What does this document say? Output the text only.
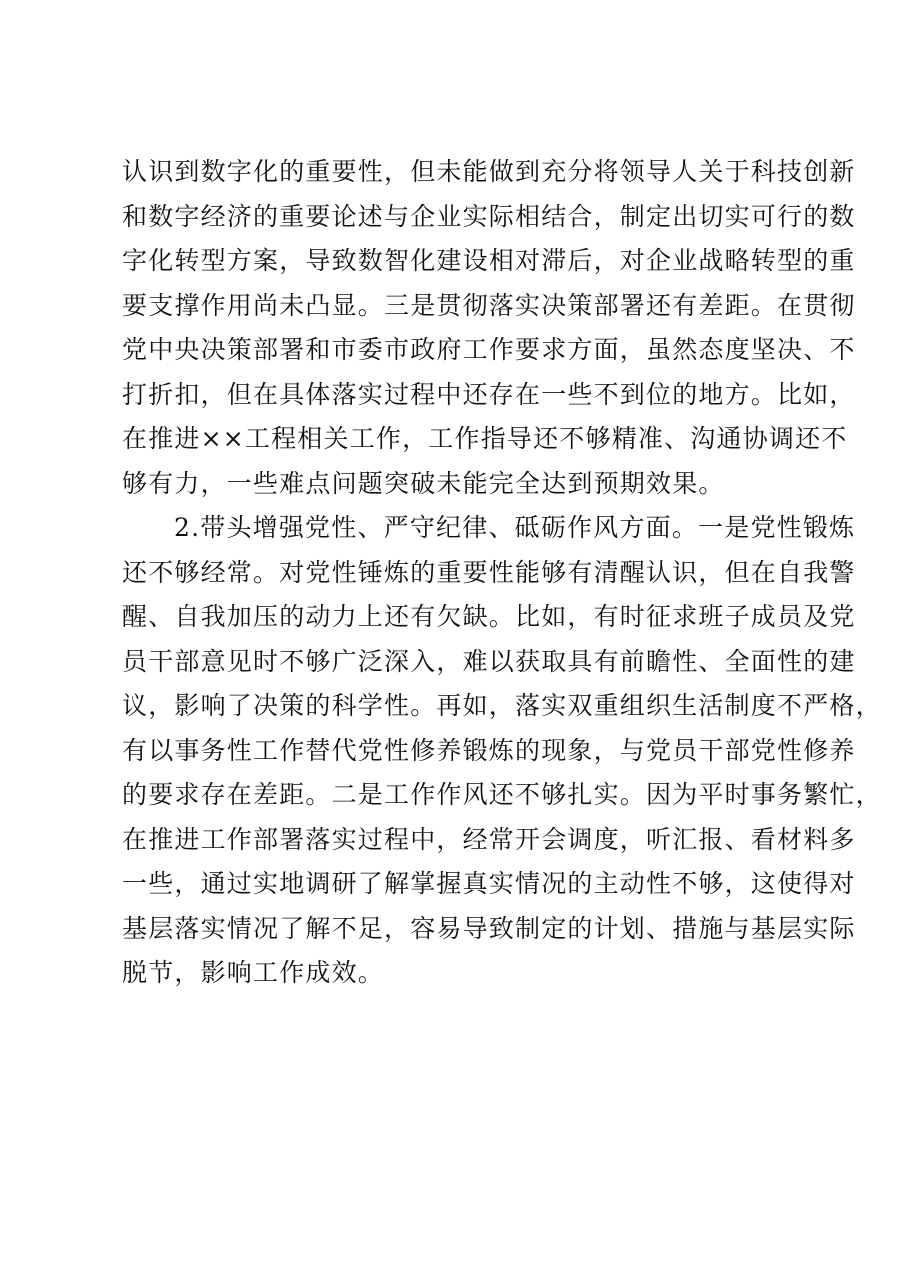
认识到数字化的重要性，但未能做到充分将领导人关于科技创新
和数字经济的重要论述与企业实际相结合，制定出切实可行的数
字化转型方案，导致数智化建设相对滞后，对企业战略转型的重
要支撑作用尚未凸显。三是贯彻落实决策部署还有差距。在贯彻
党中央决策部署和市委市政府工作要求方面，虽然态度坚决、不
打折扣，但在具体落实过程中还存在一些不到位的地方。比如，
在推进××工程相关工作，工作指导还不够精准、沟通协调还不
够有力，一些难点问题突破未能完全达到预期效果。
2.带头增强党性、严守纪律、砥砺作风方面。一是党性锻炼
还不够经常。对党性锤炼的重要性能够有清醒认识，但在自我警
醒、自我加压的动力上还有欠缺。比如，有时征求班子成员及党
员干部意见时不够广泛深入，难以获取具有前瞻性、全面性的建
议，影响了决策的科学性。再如，落实双重组织生活制度不严格，
有以事务性工作替代党性修养锻炼的现象，与党员干部党性修养
的要求存在差距。二是工作作风还不够扎实。因为平时事务繁忙，
在推进工作部署落实过程中，经常开会调度，听汇报、看材料多
一些，通过实地调研了解掌握真实情况的主动性不够，这使得对
基层落实情况了解不足，容易导致制定的计划、措施与基层实际
脱节，影响工作成效。
